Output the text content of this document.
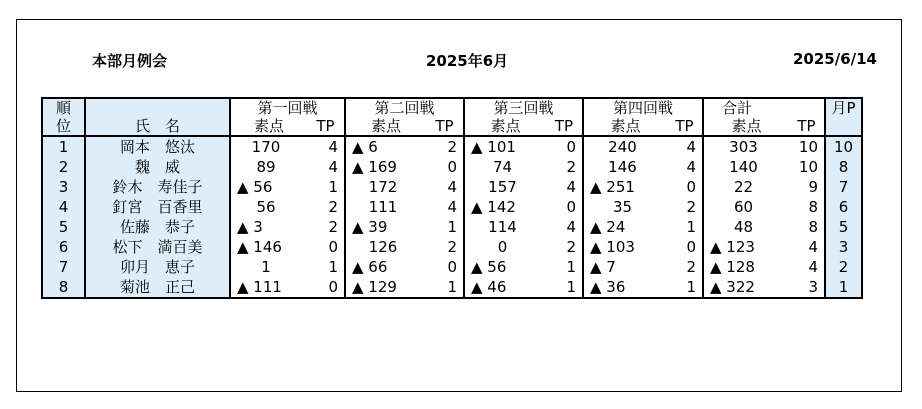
本部月例会	2025年6月	2025/6/14
順		第一回戦		第二回戦		第三回戦		第四回戦		合計		月P
位	氏　名	素点	TP	素点	TP	素点	TP	素点	TP	素点	TP	
1	岡本　悠汰	170	4	▲ 6	2	▲ 101	0	240	4	303	10	10
2	魏　威	89	4	▲ 169	0	74	2	146	4	140	10	8
3	鈴木　寿佳子	▲ 56	1	172	4	157	4	▲ 251	0	22	9	7
4	釘宮　百香里	56	2	111	4	▲ 142	0	35	2	60	8	6
5	佐藤　恭子	▲ 3	2	▲ 39	1	114	4	▲ 24	1	48	8	5
6	松下　満百美	▲ 146	0	126	2	0	2	▲ 103	0	▲ 123	4	3
7	卯月　恵子	1	1	▲ 66	0	▲ 56	1	▲ 7	2	▲ 128	4	2
8	菊池　正己	▲ 111	0	▲ 129	1	▲ 46	1	▲ 36	1	▲ 322	3	1
